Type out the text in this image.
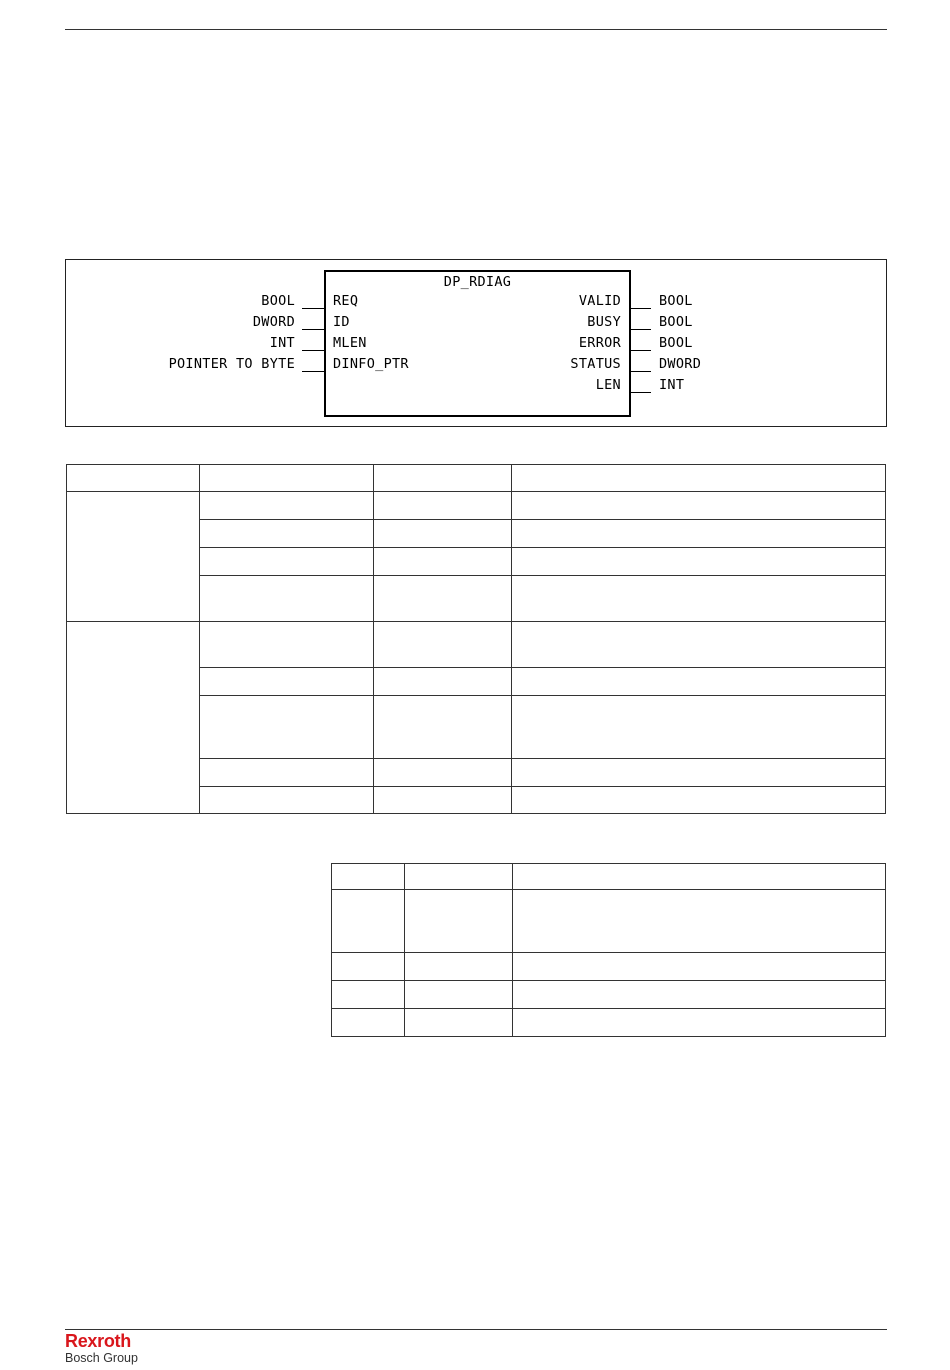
DP_RDIAG
BOOL
DWORD
INT
POINTER TO BYTE
REQ
ID
MLEN
DINFO_PTR
VALID
BUSY
ERROR
STATUS
LEN
BOOL
BOOL
BOOL
DWORD
INT

Rexroth
Bosch Group
